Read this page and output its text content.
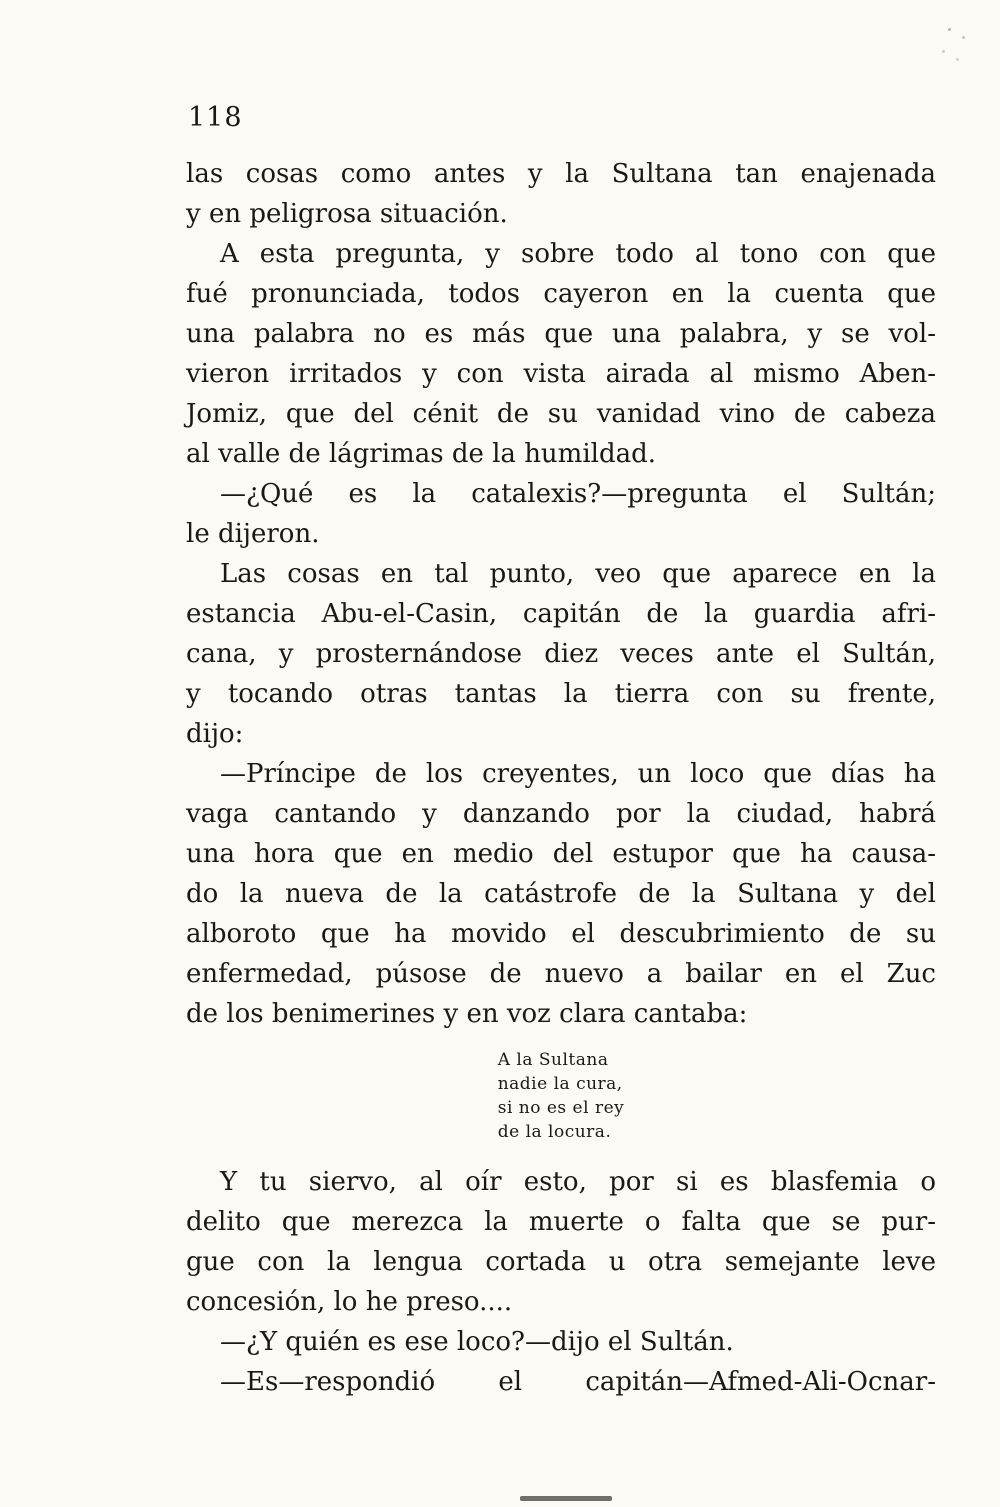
118
las cosas como antes y la Sultana tan enajenada
y en peligrosa situación.
A esta pregunta, y sobre todo al tono con que
fué pronunciada, todos cayeron en la cuenta que
una palabra no es más que una palabra, y se vol-
vieron irritados y con vista airada al mismo Aben-
Jomiz, que del cénit de su vanidad vino de cabeza
al valle de lágrimas de la humildad.
—¿Qué es la catalexis?—pregunta el Sultán;
le dijeron.
Las cosas en tal punto, veo que aparece en la
estancia Abu-el-Casin, capitán de la guardia afri-
cana, y prosternándose diez veces ante el Sultán,
y tocando otras tantas la tierra con su frente,
dijo:
—Príncipe de los creyentes, un loco que días ha
vaga cantando y danzando por la ciudad, habrá
una hora que en medio del estupor que ha causa-
do la nueva de la catástrofe de la Sultana y del
alboroto que ha movido el descubrimiento de su
enfermedad, púsose de nuevo a bailar en el Zuc
de los benimerines y en voz clara cantaba:
A la Sultana
nadie la cura,
si no es el rey
de la locura.
Y tu siervo, al oír esto, por si es blasfemia o
delito que merezca la muerte o falta que se pur-
gue con la lengua cortada u otra semejante leve
concesión, lo he preso....
—¿Y quién es ese loco?—dijo el Sultán.
—Es—respondió el capitán—Afmed-Ali-Ocnar-
